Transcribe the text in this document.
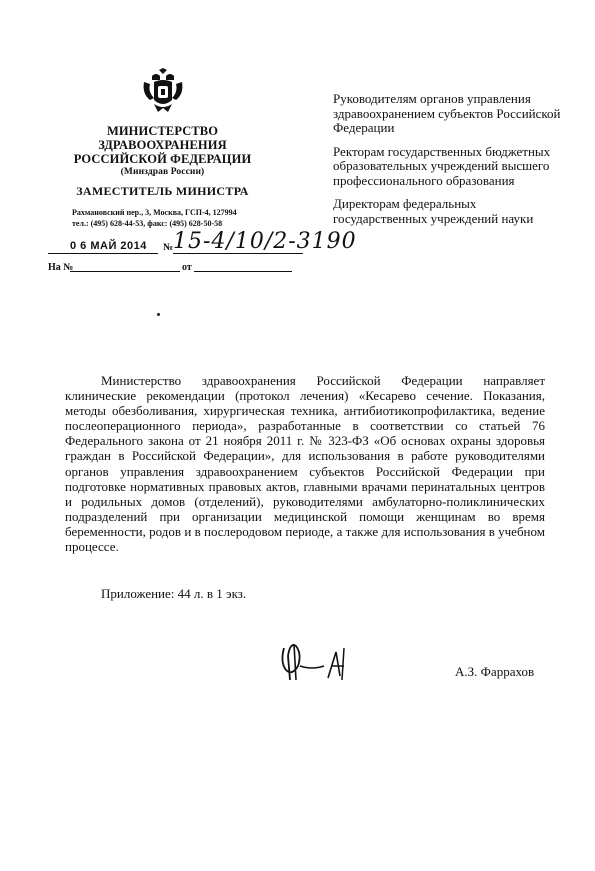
МИНИСТЕРСТВО
ЗДРАВООХРАНЕНИЯ
РОССИЙСКОЙ ФЕДЕРАЦИИ
(Минздрав России)
ЗАМЕСТИТЕЛЬ МИНИСТРА
Рахмановский пер., 3, Москва, ГСП-4, 127994
тел.: (495) 628-44-53, факс: (495) 628-50-58
0 6 МАЙ 2014 № 15-4/10/2-3190
На №	от

Руководителям органов управления здравоохранением субъектов Российской Федерации

Ректорам государственных бюджетных образовательных учреждений высшего профессионального образования

Директорам федеральных государственных учреждений науки

Министерство здравоохранения Российской Федерации направляет клинические рекомендации (протокол лечения) «Кесарево сечение. Показания, методы обезболивания, хирургическая техника, антибиотикопрофилактика, ведение послеоперационного периода», разработанные в соответствии со статьей 76 Федерального закона от 21 ноября 2011 г. № 323-ФЗ «Об основах охраны здоровья граждан в Российской Федерации», для использования в работе руководителями органов управления здравоохранением субъектов Российской Федерации при подготовке нормативных правовых актов, главными врачами перинатальных центров и родильных домов (отделений), руководителями амбулаторно-поликлинических подразделений при организации медицинской помощи женщинам во время беременности, родов и в послеродовом периоде, а также для использования в учебном процессе.

Приложение: 44 л. в 1 экз.
А.З. Фаррахов
